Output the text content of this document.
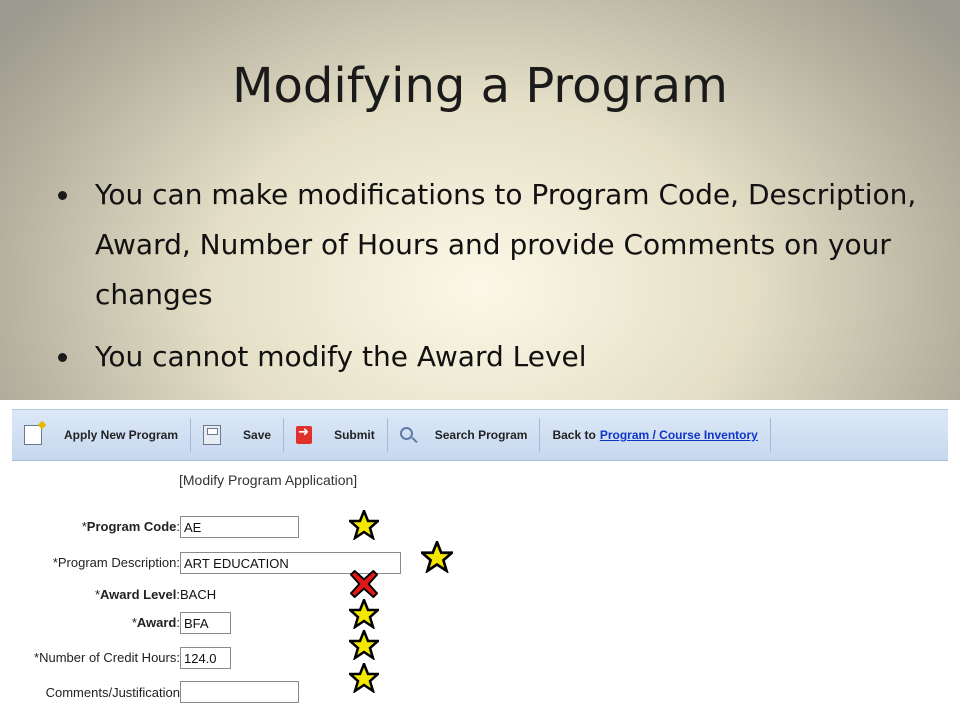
Modifying a Program
You can make modifications to Program Code, Description, Award, Number of Hours and provide Comments on your changes
You cannot modify the Award Level
Apply New Program	Save
➜	Submit	Search Program Back to Program / Course Inventory
[Modify Program Application]
*Program Code:
AE
*Program Description:
ART EDUCATION
*Award Level: BACH
*Award:
BFA
*Number of Credit Hours:
124.0
Comments/Justification
